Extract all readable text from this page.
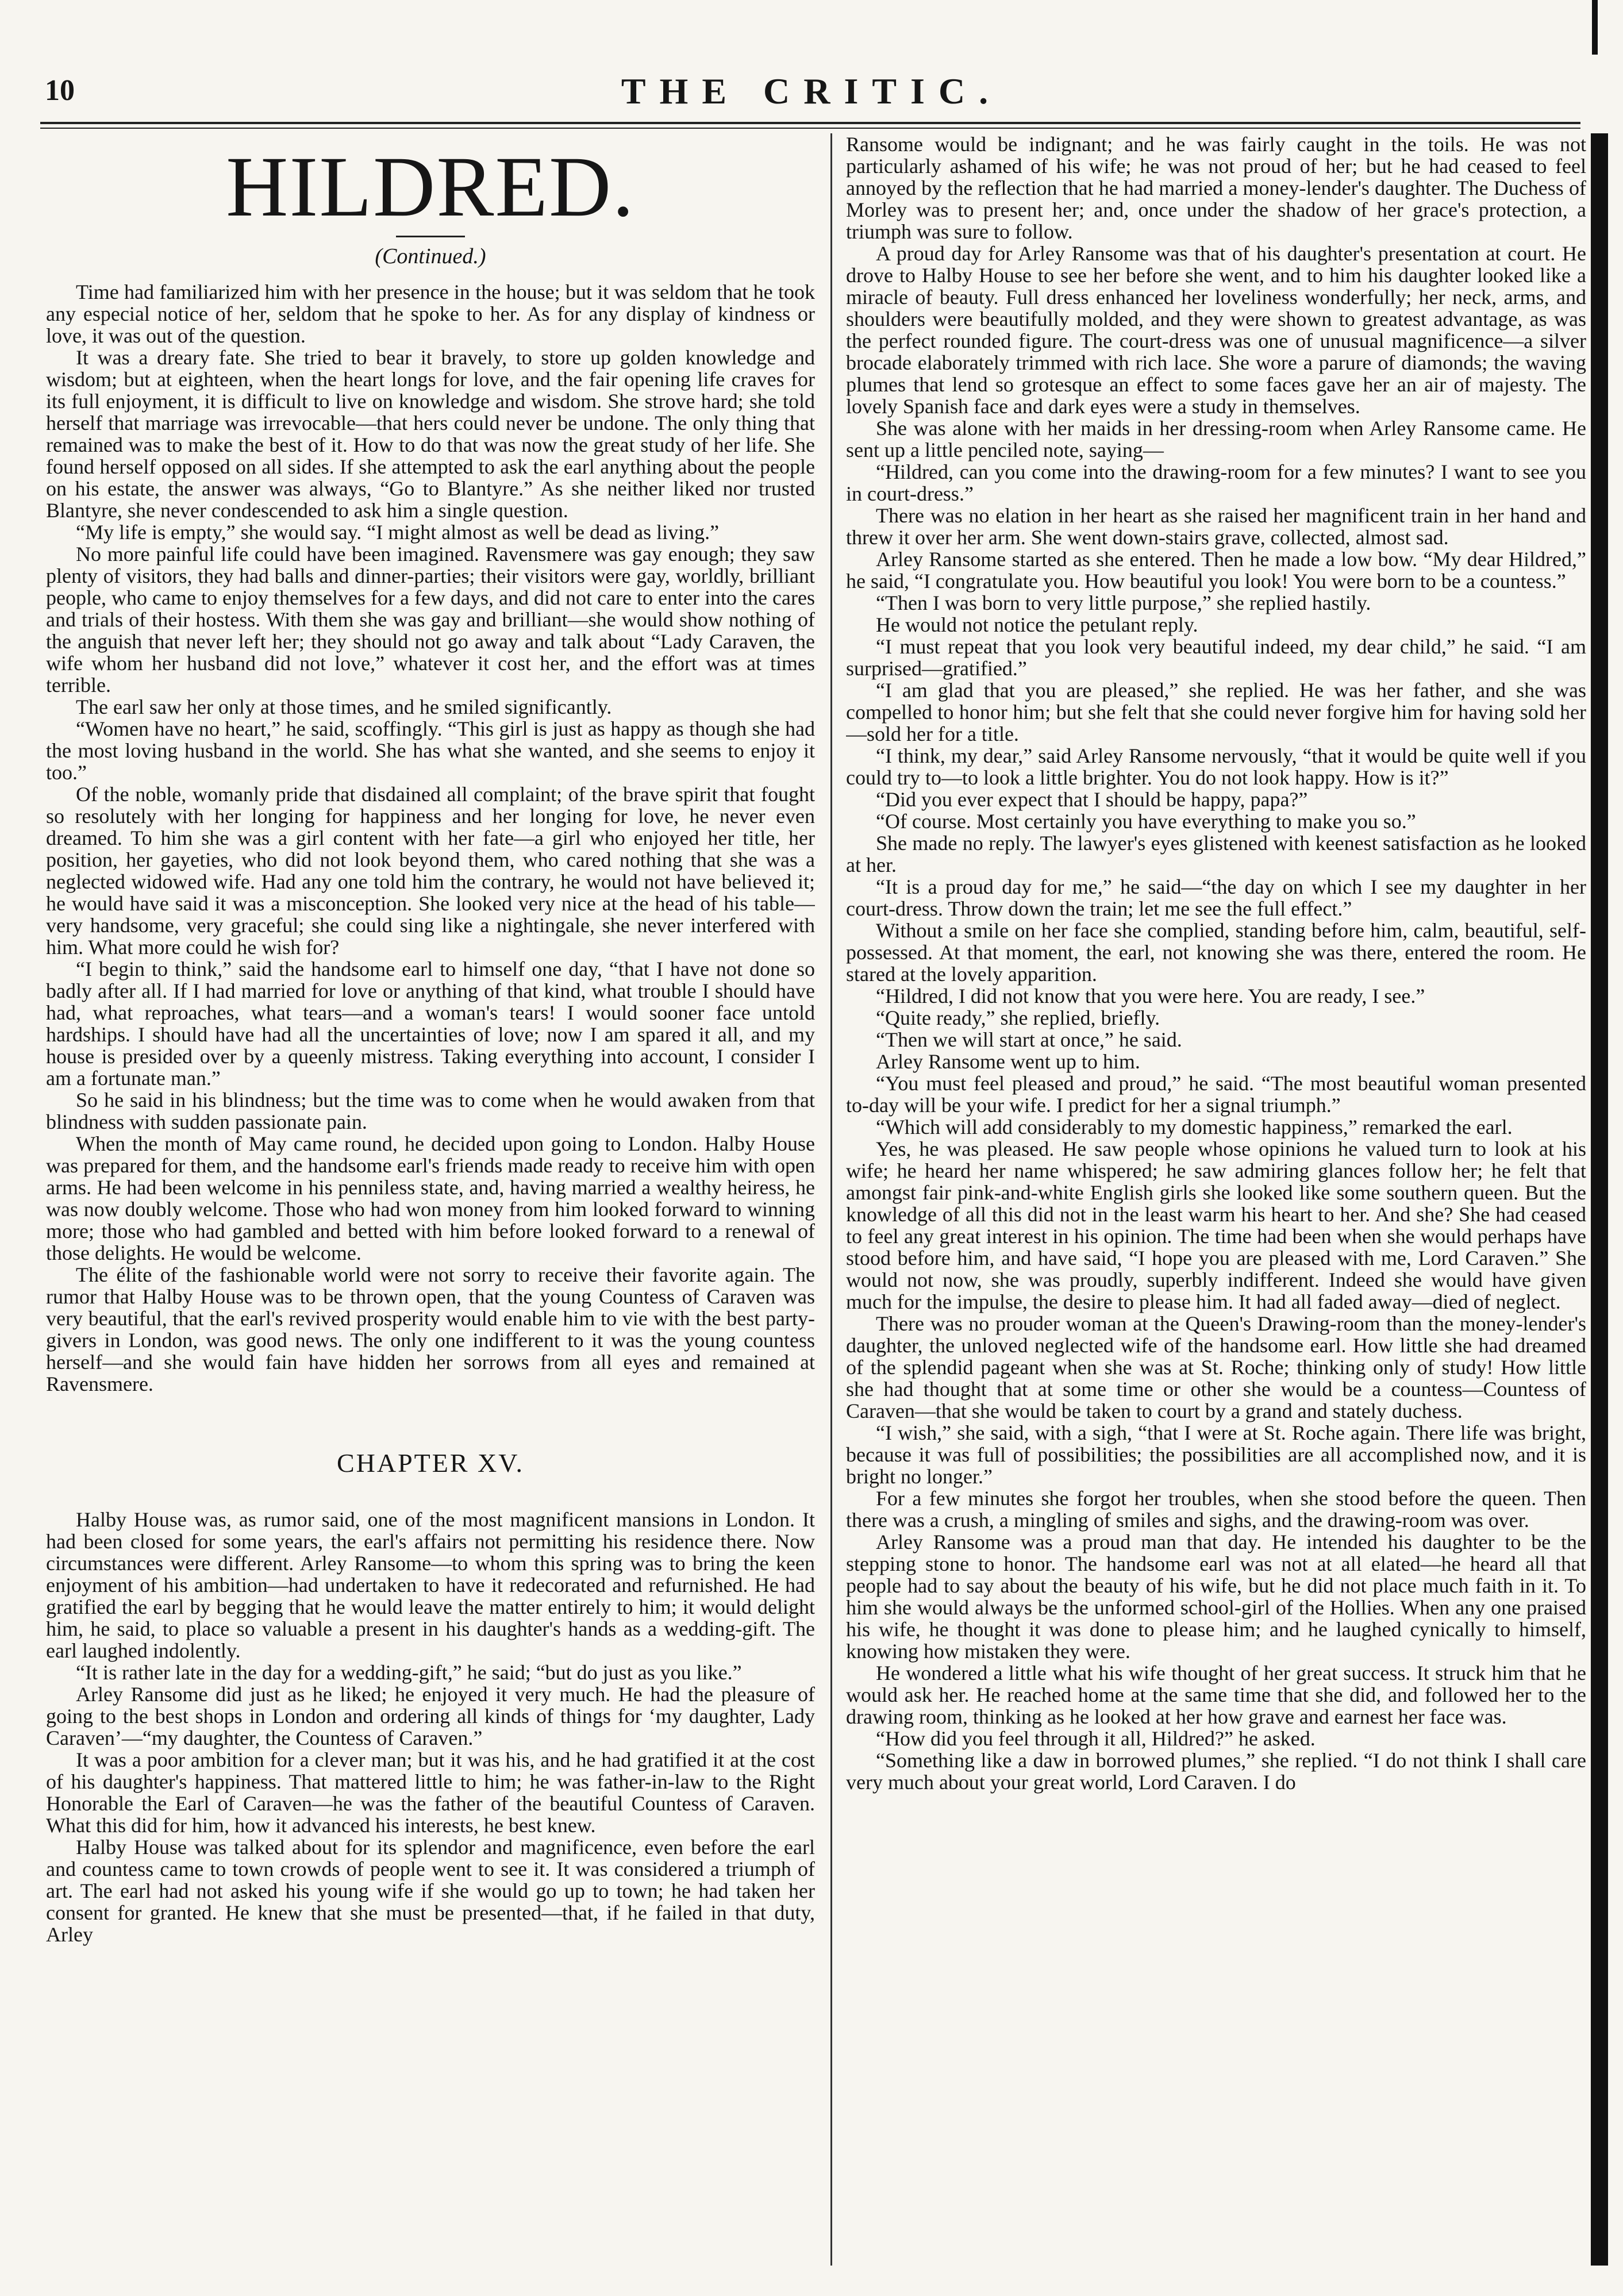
10	THE CRITIC.
HILDRED.
(Continued.)

Time had familiarized him with her presence in the house; but it was seldom that he took any especial notice of her, seldom that he spoke to her. As for any display of kindness or love, it was out of the question.

It was a dreary fate. She tried to bear it bravely, to store up golden knowledge and wisdom; but at eighteen, when the heart longs for love, and the fair opening life craves for its full enjoyment, it is difficult to live on knowledge and wisdom. She strove hard; she told herself that marriage was irrevocable—that hers could never be undone. The only thing that remained was to make the best of it. How to do that was now the great study of her life. She found herself opposed on all sides. If she attempted to ask the earl anything about the people on his estate, the answer was always, “Go to Blantyre.” As she neither liked nor trusted Blantyre, she never condescended to ask him a single question.

“My life is empty,” she would say. “I might almost as well be dead as living.”

No more painful life could have been imagined. Ravensmere was gay enough; they saw plenty of visitors, they had balls and dinner-parties; their visitors were gay, worldly, brilliant people, who came to enjoy themselves for a few days, and did not care to enter into the cares and trials of their hostess. With them she was gay and brilliant—she would show nothing of the anguish that never left her; they should not go away and talk about “Lady Caraven, the wife whom her husband did not love,” whatever it cost her, and the effort was at times terrible.

The earl saw her only at those times, and he smiled significantly.

“Women have no heart,” he said, scoffingly. “This girl is just as happy as though she had the most loving husband in the world. She has what she wanted, and she seems to enjoy it too.”

Of the noble, womanly pride that disdained all complaint; of the brave spirit that fought so resolutely with her longing for happiness and her longing for love, he never even dreamed. To him she was a girl content with her fate—a girl who enjoyed her title, her position, her gayeties, who did not look beyond them, who cared nothing that she was a neglected widowed wife. Had any one told him the contrary, he would not have believed it; he would have said it was a misconception. She looked very nice at the head of his table—very handsome, very graceful; she could sing like a nightingale, she never interfered with him. What more could he wish for?

“I begin to think,” said the handsome earl to himself one day, “that I have not done so badly after all. If I had married for love or anything of that kind, what trouble I should have had, what reproaches, what tears—and a woman's tears! I would sooner face untold hardships. I should have had all the uncertainties of love; now I am spared it all, and my house is presided over by a queenly mistress. Taking everything into account, I consider I am a fortunate man.”

So he said in his blindness; but the time was to come when he would awaken from that blindness with sudden passionate pain.

When the month of May came round, he decided upon going to London. Halby House was prepared for them, and the handsome earl's friends made ready to receive him with open arms. He had been welcome in his penniless state, and, having married a wealthy heiress, he was now doubly welcome. Those who had won money from him looked forward to winning more; those who had gambled and betted with him before looked forward to a renewal of those delights. He would be welcome.

The élite of the fashionable world were not sorry to receive their favorite again. The rumor that Halby House was to be thrown open, that the young Countess of Caraven was very beautiful, that the earl's revived prosperity would enable him to vie with the best party-givers in London, was good news. The only one indifferent to it was the young countess herself—and she would fain have hidden her sorrows from all eyes and remained at Ravensmere.

CHAPTER XV.

Halby House was, as rumor said, one of the most magnificent mansions in London. It had been closed for some years, the earl's affairs not permitting his residence there. Now circumstances were different. Arley Ransome—to whom this spring was to bring the keen enjoyment of his ambition—had undertaken to have it redecorated and refurnished. He had gratified the earl by begging that he would leave the matter entirely to him; it would delight him, he said, to place so valuable a present in his daughter's hands as a wedding-gift. The earl laughed indolently.

“It is rather late in the day for a wedding-gift,” he said; “but do just as you like.”

Arley Ransome did just as he liked; he enjoyed it very much. He had the pleasure of going to the best shops in London and ordering all kinds of things for ‘my daughter, Lady Caraven’—“my daughter, the Countess of Caraven.”

It was a poor ambition for a clever man; but it was his, and he had gratified it at the cost of his daughter's happiness. That mattered little to him; he was father-in-law to the Right Honorable the Earl of Caraven—he was the father of the beautiful Countess of Caraven. What this did for him, how it advanced his interests, he best knew.

Halby House was talked about for its splendor and magnificence, even before the earl and countess came to town crowds of people went to see it. It was considered a triumph of art. The earl had not asked his young wife if she would go up to town; he had taken her consent for granted. He knew that she must be presented—that, if he failed in that duty, Arley

Ransome would be indignant; and he was fairly caught in the toils. He was not particularly ashamed of his wife; he was not proud of her; but he had ceased to feel annoyed by the reflection that he had married a money-lender's daughter. The Duchess of Morley was to present her; and, once under the shadow of her grace's protection, a triumph was sure to follow.

A proud day for Arley Ransome was that of his daughter's presentation at court. He drove to Halby House to see her before she went, and to him his daughter looked like a miracle of beauty. Full dress enhanced her loveliness wonderfully; her neck, arms, and shoulders were beautifully molded, and they were shown to greatest advantage, as was the perfect rounded figure. The court-dress was one of unusual magnificence—a silver brocade elaborately trimmed with rich lace. She wore a parure of diamonds; the waving plumes that lend so grotesque an effect to some faces gave her an air of majesty. The lovely Spanish face and dark eyes were a study in themselves.

She was alone with her maids in her dressing-room when Arley Ransome came. He sent up a little penciled note, saying—

“Hildred, can you come into the drawing-room for a few minutes? I want to see you in court-dress.”

There was no elation in her heart as she raised her magnificent train in her hand and threw it over her arm. She went down-stairs grave, collected, almost sad.

Arley Ransome started as she entered. Then he made a low bow. “My dear Hildred,” he said, “I congratulate you. How beautiful you look! You were born to be a countess.”

“Then I was born to very little purpose,” she replied hastily.

He would not notice the petulant reply.

“I must repeat that you look very beautiful indeed, my dear child,” he said. “I am surprised—gratified.”

“I am glad that you are pleased,” she replied. He was her father, and she was compelled to honor him; but she felt that she could never forgive him for having sold her—sold her for a title.

“I think, my dear,” said Arley Ransome nervously, “that it would be quite well if you could try to—to look a little brighter. You do not look happy. How is it?”

“Did you ever expect that I should be happy, papa?”

“Of course. Most certainly you have everything to make you so.”

She made no reply. The lawyer's eyes glistened with keenest satisfaction as he looked at her.

“It is a proud day for me,” he said—“the day on which I see my daughter in her court-dress. Throw down the train; let me see the full effect.”

Without a smile on her face she complied, standing before him, calm, beautiful, self-possessed. At that moment, the earl, not knowing she was there, entered the room. He stared at the lovely apparition.

“Hildred, I did not know that you were here. You are ready, I see.”

“Quite ready,” she replied, briefly.

“Then we will start at once,” he said.

Arley Ransome went up to him.

“You must feel pleased and proud,” he said. “The most beautiful woman presented to-day will be your wife. I predict for her a signal triumph.”

“Which will add considerably to my domestic happiness,” remarked the earl.

Yes, he was pleased. He saw people whose opinions he valued turn to look at his wife; he heard her name whispered; he saw admiring glances follow her; he felt that amongst fair pink-and-white English girls she looked like some southern queen. But the knowledge of all this did not in the least warm his heart to her. And she? She had ceased to feel any great interest in his opinion. The time had been when she would perhaps have stood before him, and have said, “I hope you are pleased with me, Lord Caraven.” She would not now, she was proudly, superbly indifferent. Indeed she would have given much for the impulse, the desire to please him. It had all faded away—died of neglect.

There was no prouder woman at the Queen's Drawing-room than the money-lender's daughter, the unloved neglected wife of the handsome earl. How little she had dreamed of the splendid pageant when she was at St. Roche; thinking only of study! How little she had thought that at some time or other she would be a countess—Countess of Caraven—that she would be taken to court by a grand and stately duchess.

“I wish,” she said, with a sigh, “that I were at St. Roche again. There life was bright, because it was full of possibilities; the possibilities are all accomplished now, and it is bright no longer.”

For a few minutes she forgot her troubles, when she stood before the queen. Then there was a crush, a mingling of smiles and sighs, and the drawing-room was over.

Arley Ransome was a proud man that day. He intended his daughter to be the stepping stone to honor. The handsome earl was not at all elated—he heard all that people had to say about the beauty of his wife, but he did not place much faith in it. To him she would always be the unformed school-girl of the Hollies. When any one praised his wife, he thought it was done to please him; and he laughed cynically to himself, knowing how mistaken they were.

He wondered a little what his wife thought of her great success. It struck him that he would ask her. He reached home at the same time that she did, and followed her to the drawing room, thinking as he looked at her how grave and earnest her face was.

“How did you feel through it all, Hildred?” he asked.

“Something like a daw in borrowed plumes,” she replied. “I do not think I shall care very much about your great world, Lord Caraven. I do
